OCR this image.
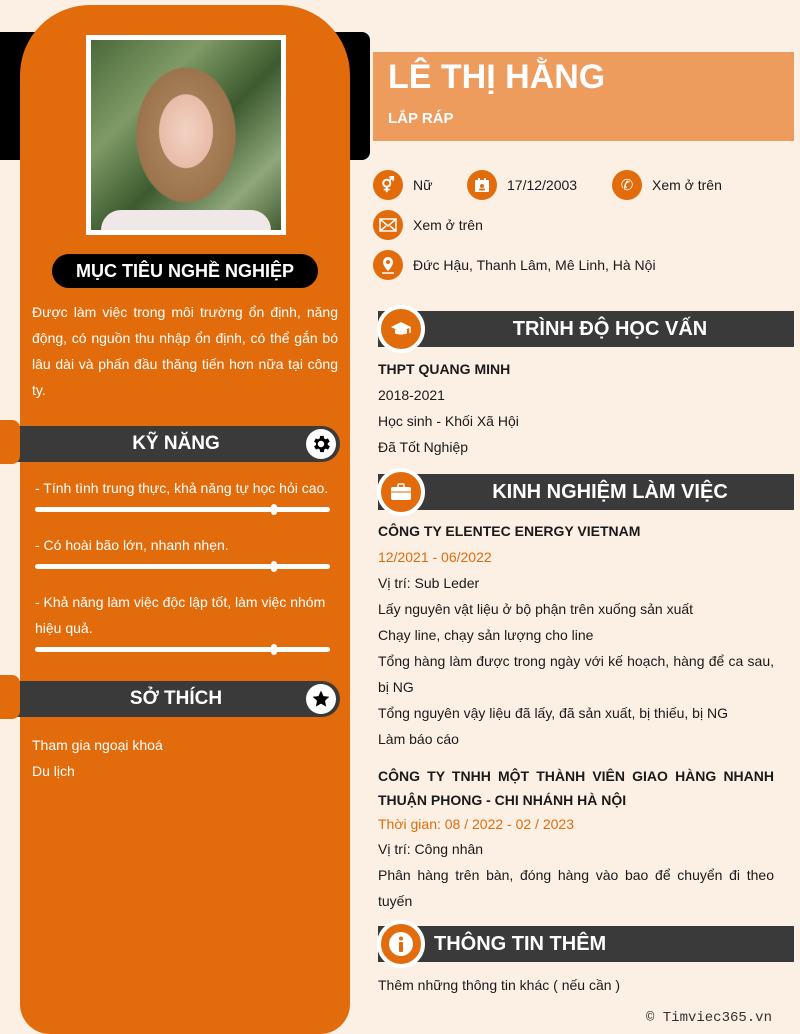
MỤC TIÊU NGHỀ NGHIỆP
Được làm việc trong môi trường ổn định, năng động, có nguồn thu nhập ổn định, có thể gắn bó lâu dài và phấn đầu thăng tiến hơn nữa tại công ty.
KỸ NĂNG
- Tính tình trung thực, khả năng tự học hỏi cao.
- Có hoài bão lớn, nhanh nhẹn.
- Khả năng làm việc độc lập tốt, làm việc nhóm hiệu quả.
SỞ THÍCH
Tham gia ngoại khoá
Du lịch
LÊ THỊ HẰNG
LẮP RÁP
⚥ Nữ	17/12/2003	✆ Xem ở trên
Xem ở trên
Đức Hậu, Thanh Lâm, Mê Linh, Hà Nội
TRÌNH ĐỘ HỌC VẤN
THPT QUANG MINH
2018-2021
Học sinh - Khối Xã Hội
Đã Tốt Nghiệp
KINH NGHIỆM LÀM VIỆC
CÔNG TY ELENTEC ENERGY VIETNAM
12/2021 - 06/2022
Vị trí: Sub Leder
Lấy nguyên vật liệu ở bộ phận trên xuống sản xuất
Chạy line, chạy sản lượng cho line
Tổng hàng làm được trong ngày với kế hoạch, hàng để ca sau, bị NG
Tổng nguyên vậy liệu đã lấy, đã sản xuất, bị thiếu, bị NG
Làm báo cáo
CÔNG TY TNHH MỘT THÀNH VIÊN GIAO HÀNG NHANH THUẬN PHONG - CHI NHÁNH HÀ NỘI
Thời gian: 08 / 2022 - 02 / 2023
Vị trí: Công nhân
Phân hàng trên bàn, đóng hàng vào bao để chuyển đi theo tuyến
THÔNG TIN THÊM
Thêm những thông tin khác ( nếu cần )
© Timviec365.vn
